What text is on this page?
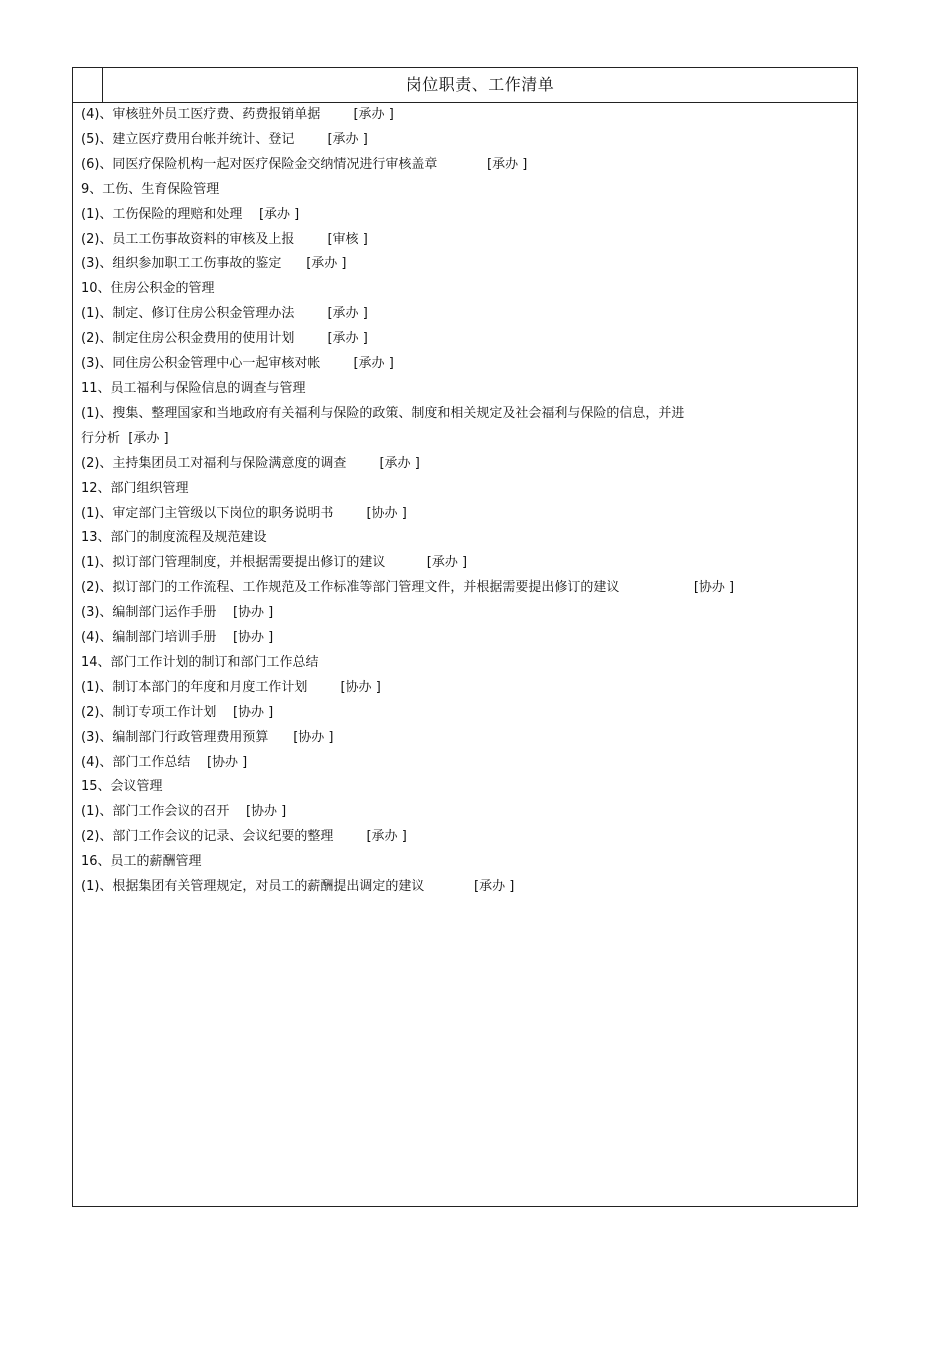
岗位职责、工作清单
(4)、审核驻外员工医疗费、药费报销单据	[承办 ]
(5)、建立医疗费用台帐并统计、登记	[承办 ]
(6)、同医疗保险机构一起对医疗保险金交纳情况进行审核盖章	[承办 ]
9、工伤、生育保险管理
(1)、工伤保险的理赔和处理 [承办 ]
(2)、员工工伤事故资料的审核及上报	[审核 ]
(3)、组织参加职工工伤事故的鉴定 [承办 ]
10、住房公积金的管理
(1)、制定、修订住房公积金管理办法	[承办 ]
(2)、制定住房公积金费用的使用计划	[承办 ]
(3)、同住房公积金管理中心一起审核对帐	[承办 ]
11、员工福利与保险信息的调查与管理
(1)、搜集、整理国家和当地政府有关福利与保险的政策、制度和相关规定及社会福利与保险的信息，并进
行分析 [承办 ]
(2)、主持集团员工对福利与保险满意度的调查	[承办 ]
12、部门组织管理
(1)、审定部门主管级以下岗位的职务说明书	[协办 ]
13、部门的制度流程及规范建设
(1)、拟订部门管理制度，并根据需要提出修订的建议	[承办 ]
(2)、拟订部门的工作流程、工作规范及工作标准等部门管理文件，并根据需要提出修订的建议	[协办 ]
(3)、编制部门运作手册 [协办 ]
(4)、编制部门培训手册 [协办 ]
14、部门工作计划的制订和部门工作总结
(1)、制订本部门的年度和月度工作计划	[协办 ]
(2)、制订专项工作计划 [协办 ]
(3)、编制部门行政管理费用预算 [协办 ]
(4)、部门工作总结 [协办 ]
15、会议管理
(1)、部门工作会议的召开 [协办 ]
(2)、部门工作会议的记录、会议纪要的整理	[承办 ]
16、员工的薪酬管理
(1)、根据集团有关管理规定，对员工的薪酬提出调定的建议	[承办 ]
